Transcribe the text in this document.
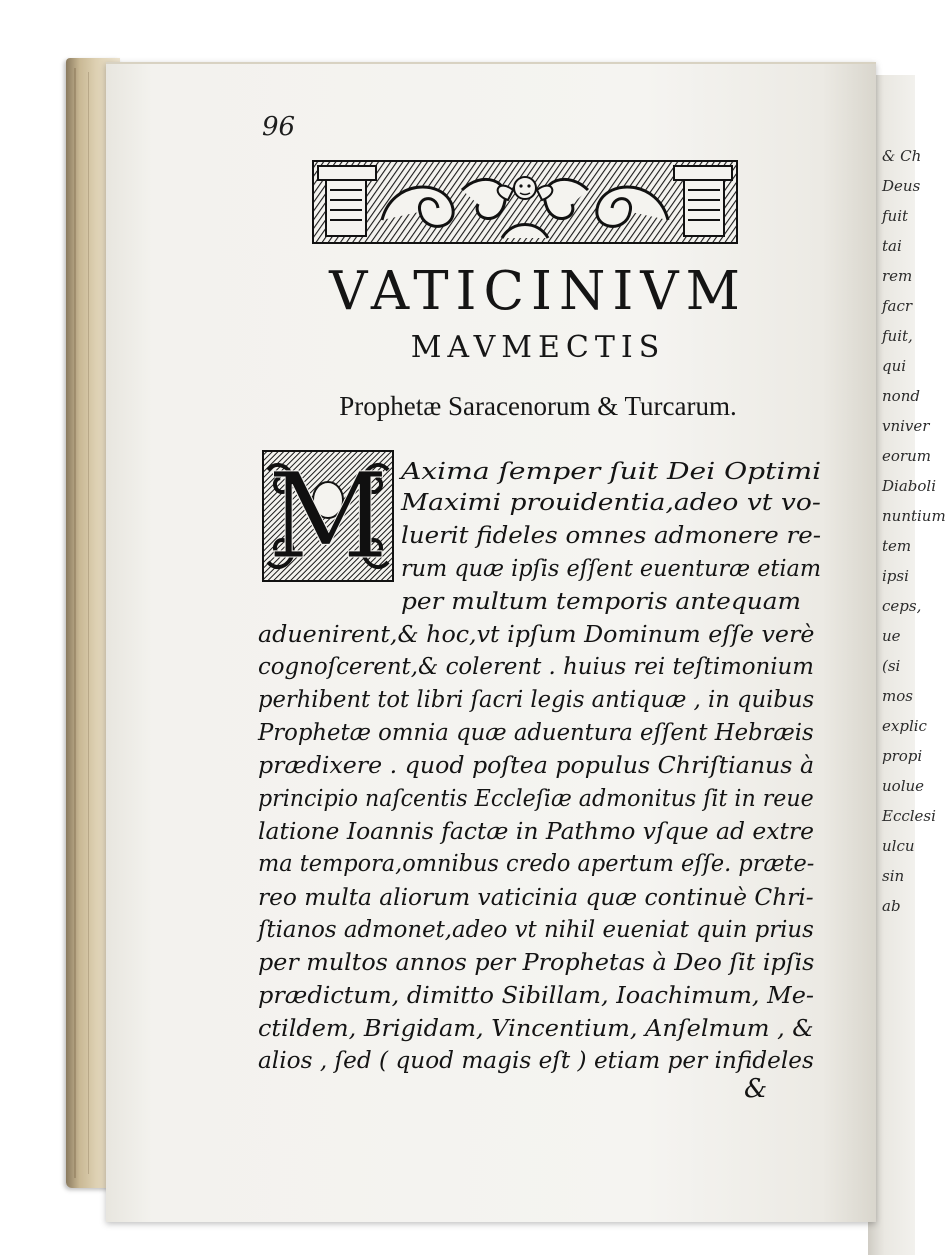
& Ch
Deus
fuit
tai
rem
facr
fuit,
qui
nond
vniver
eorum
Diaboli
nuntium
tem
ipsi
ceps,
ue
(si
mos
explic
propi
uolue
Ecclesi
ulcu
sin
ab
96
VATICINIVM
MAVMECTIS
Prophetæ Saracenorum & Turcarum.
M Axima ſemper ſuit Dei Optimi
Maximi prouidentia,adeo vt vo-
luerit fideles omnes admonere re-
rum quæ ipſis eſſent euenturæ etiam
per multum temporis antequam
aduenirent,& hoc,vt ipſum Dominum eſſe verè
cognoſcerent,& colerent . huius rei teſtimonium
perhibent tot libri ſacri legis antiquæ , in quibus
Prophetæ omnia quæ aduentura eſſent Hebræis
prædixere . quod poſtea populus Chriſtianus à
principio naſcentis Eccleſiæ admonitus ſit in reue
latione Ioannis factæ in Pathmo vſque ad extre
ma tempora,omnibus credo apertum eſſe. præte-
reo multa aliorum vaticinia quæ continuè Chri-
ſtianos admonet,adeo vt nihil eueniat quin prius
per multos annos per Prophetas à Deo ſit ipſis
prædictum, dimitto Sibillam, Ioachimum, Me-
ctildem, Brigidam, Vincentium, Anſelmum , &
alios , ſed ( quod magis eſt ) etiam per infideles
&
